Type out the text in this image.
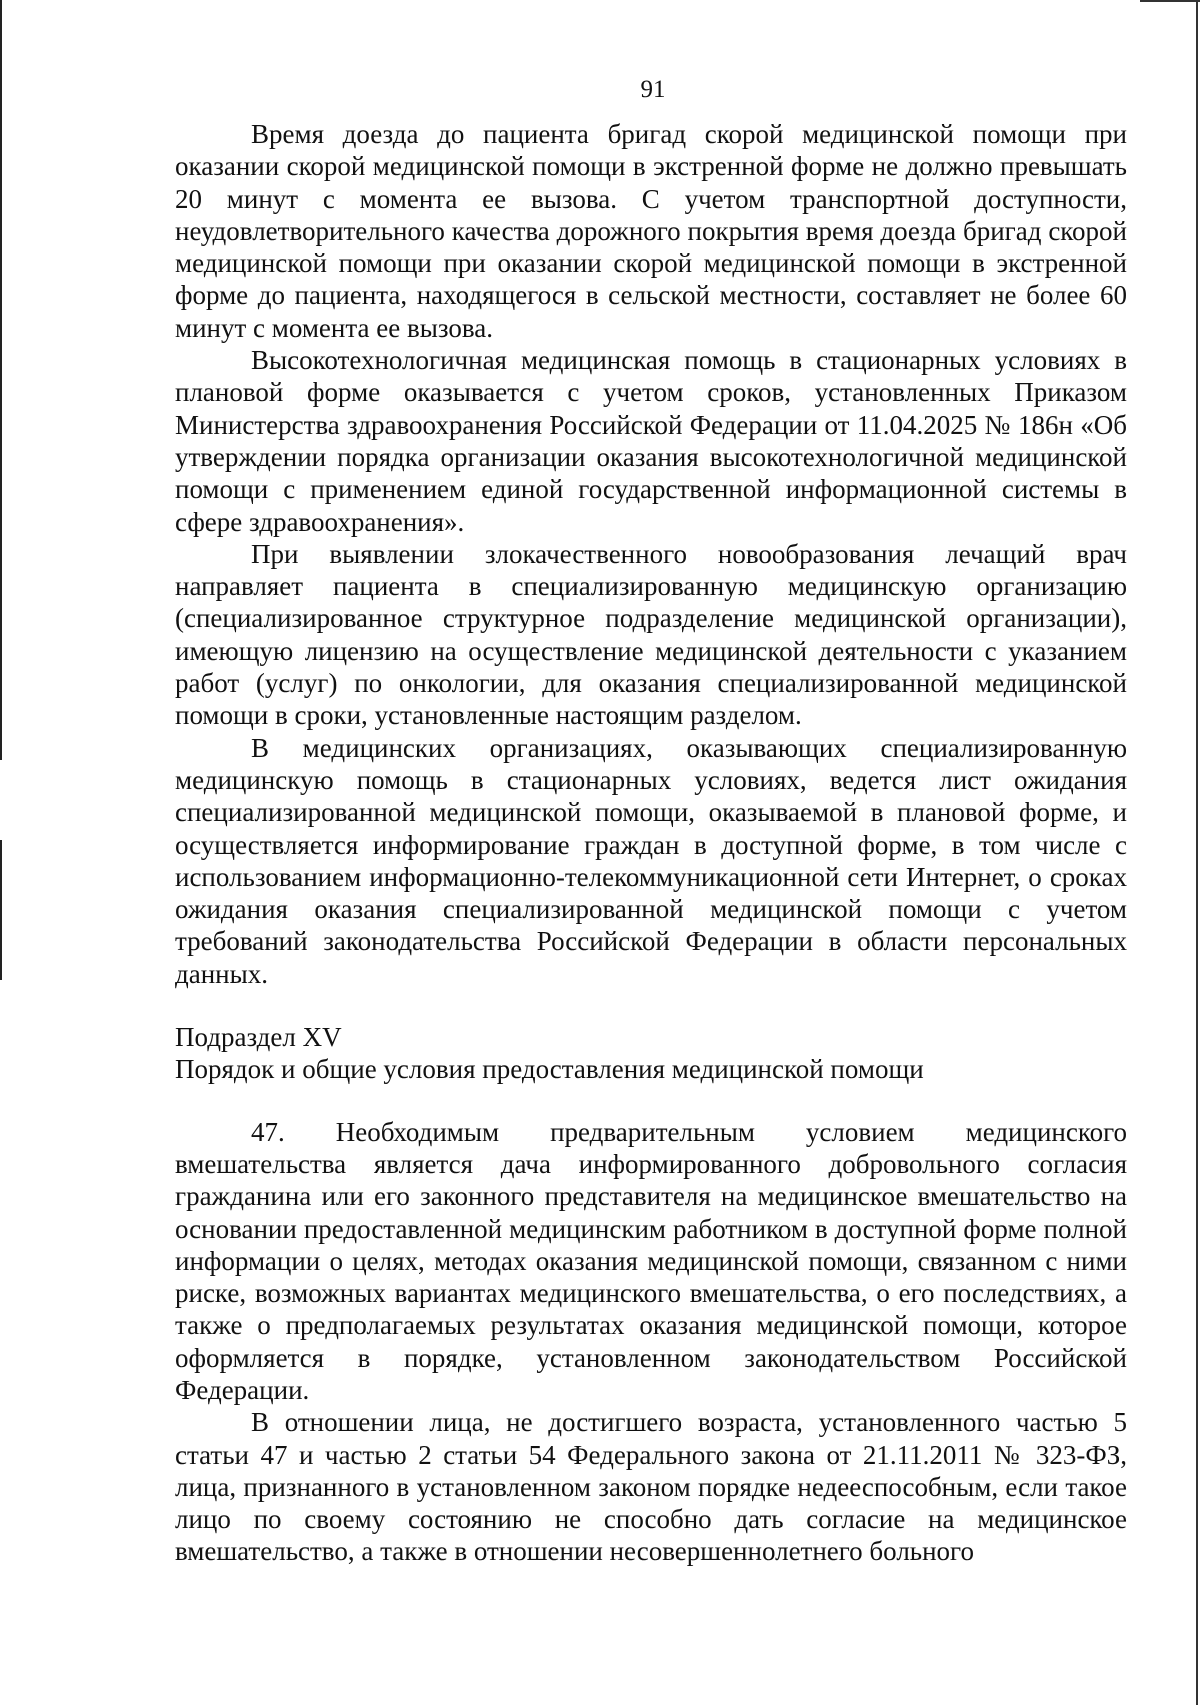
91

Время доезда до пациента бригад скорой медицинской помощи при оказании скорой медицинской помощи в экстренной форме не должно превышать 20 минут с момента ее вызова. С учетом транспортной доступности, неудовлетворительного качества дорожного покрытия время доезда бригад скорой медицинской помощи при оказании скорой медицинской помощи в экстренной форме до пациента, находящегося в сельской местности, составляет не более 60 минут с момента ее вызова.

Высокотехнологичная медицинская помощь в стационарных условиях в плановой форме оказывается с учетом сроков, установленных Приказом Министерства здравоохранения Российской Федерации от 11.04.2025 № 186н «Об утверждении порядка организации оказания высокотехнологичной медицинской помощи с применением единой государственной информационной системы в сфере здравоохранения».

При выявлении злокачественного новообразования лечащий врач направляет пациента в специализированную медицинскую организацию (специализированное структурное подразделение медицинской организации), имеющую лицензию на осуществление медицинской деятельности с указанием работ (услуг) по онкологии, для оказания специализированной медицинской помощи в сроки, установленные настоящим разделом.

В медицинских организациях, оказывающих специализированную медицинскую помощь в стационарных условиях, ведется лист ожидания специализированной медицинской помощи, оказываемой в плановой форме, и осуществляется информирование граждан в доступной форме, в том числе с использованием информационно-телекоммуникационной сети Интернет, о сроках ожидания оказания специализированной медицинской помощи с учетом требований законодательства Российской Федерации в области персональных данных.

Подраздел XV

Порядок и общие условия предоставления медицинской помощи

47. Необходимым предварительным условием медицинского вмешательства является дача информированного добровольного согласия гражданина или его законного представителя на медицинское вмешательство на основании предоставленной медицинским работником в доступной форме полной информации о целях, методах оказания медицинской помощи, связанном с ними риске, возможных вариантах медицинского вмешательства, о его последствиях, а также о предполагаемых результатах оказания медицинской помощи, которое оформляется в порядке, установленном законодательством Российской Федерации.

В отношении лица, не достигшего возраста, установленного частью 5 статьи 47 и частью 2 статьи 54 Федерального закона от 21.11.2011 № 323-ФЗ, лица, признанного в установленном законом порядке недееспособным, если такое лицо по своему состоянию не способно дать согласие на медицинское вмешательство, а также в отношении несовершеннолетнего больного
